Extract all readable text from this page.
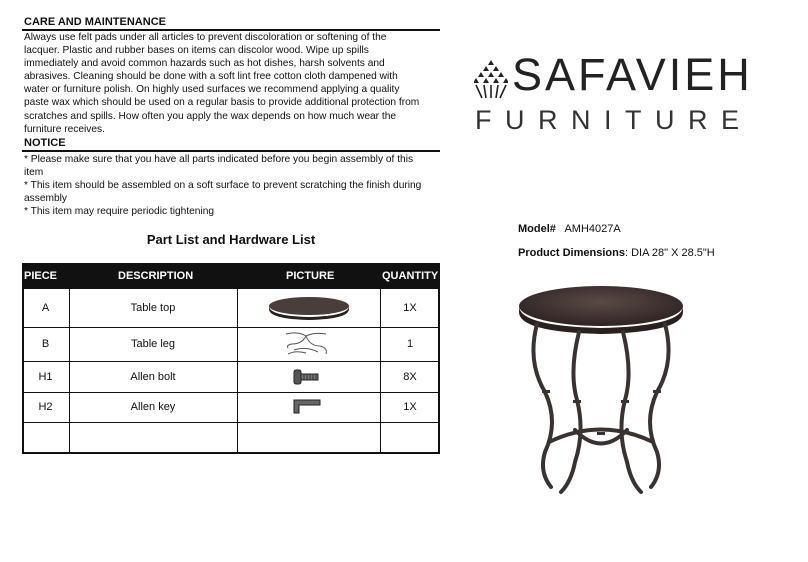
CARE AND MAINTENANCE

Always use felt pads under all articles to prevent discoloration or softening of the

lacquer. Plastic and rubber bases on items can discolor wood. Wipe up spills

immediately and avoid common hazards such as hot dishes, harsh solvents and

abrasives. Cleaning should be done with a soft lint free cotton cloth dampened with

water or furniture polish. On highly used surfaces we recommend applying a quality

paste wax which should be used on a regular basis to provide additional protection from

scratches and spills. How often you apply the wax depends on how much wear the

furniture receives.

NOTICE

* Please make sure that you have all parts indicated before you begin assembly of this

item

* This item should be assembled on a soft surface to prevent scratching the finish during

assembly

* This item may require periodic tightening

SAFAVIEH
FURNITURE
Model# AMH4027A
Product Dimensions: DIA 28" X 28.5"H
Part List and Hardware List
PIECE	DESCRIPTION	PICTURE	QUANTITY
A	Table top	1X
B	Table leg	1
H1	Allen bolt	8X
H2	Allen key	1X
